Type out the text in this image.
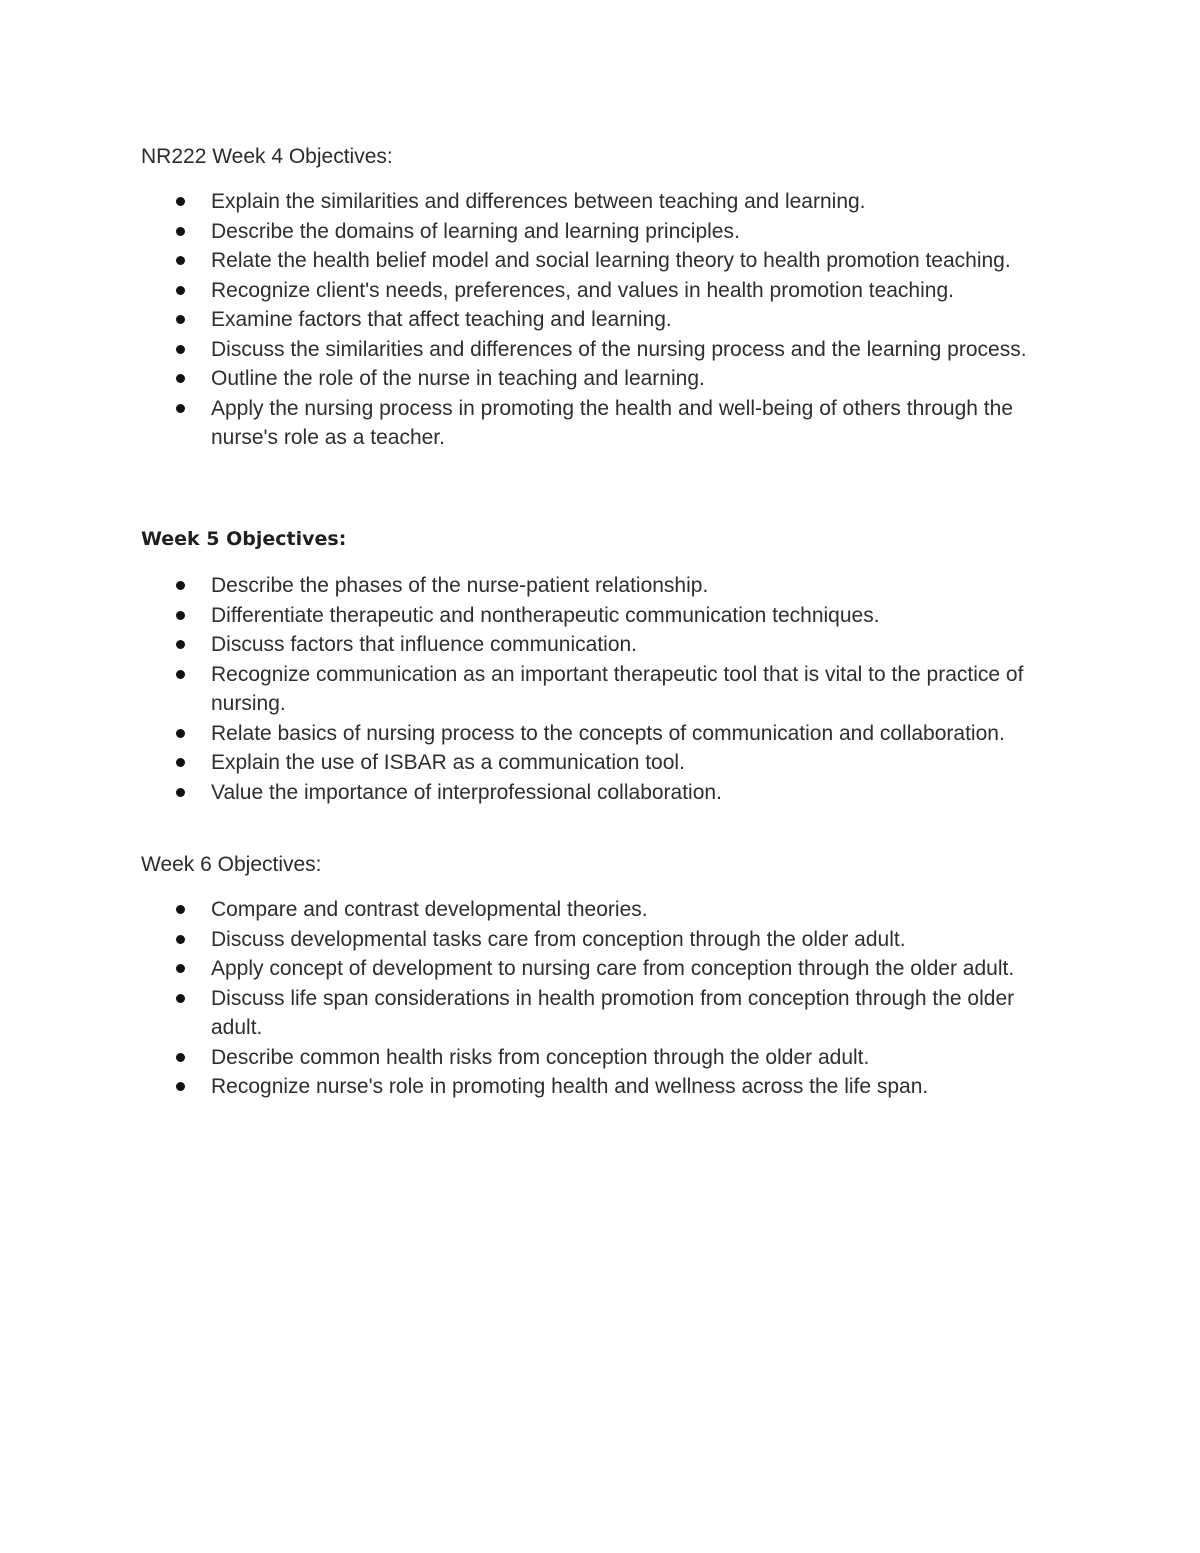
NR222 Week 4 Objectives:
Explain the similarities and differences between teaching and learning.
Describe the domains of learning and learning principles.
Relate the health belief model and social learning theory to health promotion teaching.
Recognize client's needs, preferences, and values in health promotion teaching.
Examine factors that affect teaching and learning.
Discuss the similarities and differences of the nursing process and the learning process.
Outline the role of the nurse in teaching and learning.
Apply the nursing process in promoting the health and well-being of others through the nurse's role as a teacher.
Week 5 Objectives:
Describe the phases of the nurse-patient relationship.
Differentiate therapeutic and nontherapeutic communication techniques.
Discuss factors that influence communication.
Recognize communication as an important therapeutic tool that is vital to the practice of nursing.
Relate basics of nursing process to the concepts of communication and collaboration.
Explain the use of ISBAR as a communication tool.
Value the importance of interprofessional collaboration.
Week 6 Objectives:
Compare and contrast developmental theories.
Discuss developmental tasks care from conception through the older adult.
Apply concept of development to nursing care from conception through the older adult.
Discuss life span considerations in health promotion from conception through the older adult.
Describe common health risks from conception through the older adult.
Recognize nurse's role in promoting health and wellness across the life span.
